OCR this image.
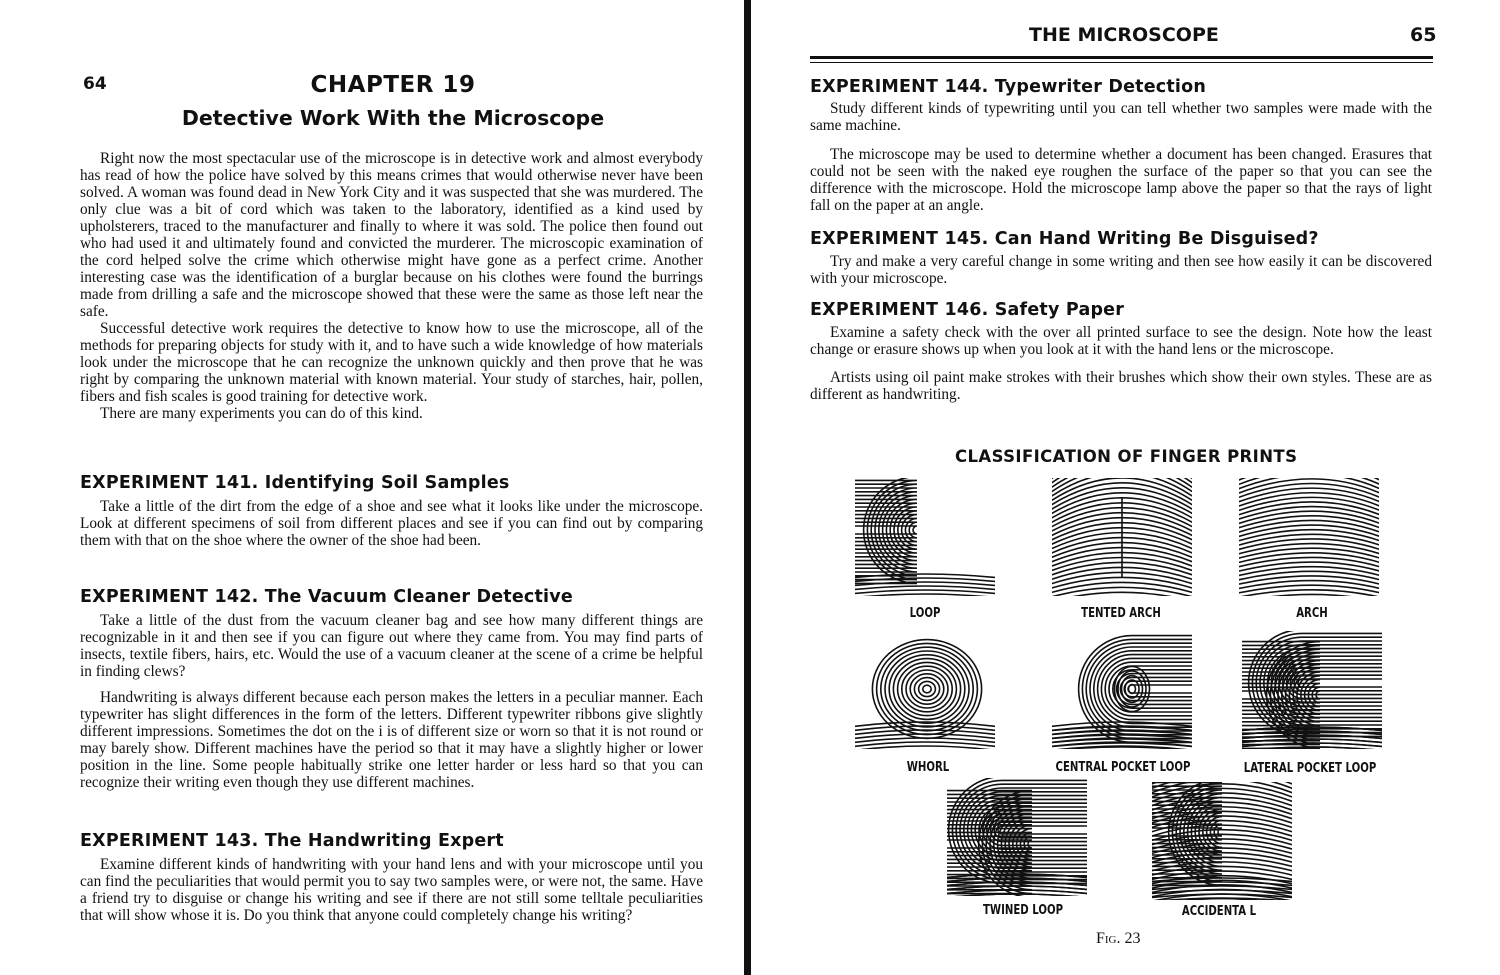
64	CHAPTER 19
Detective Work With the Microscope

Right now the most spectacular use of the microscope is in detective work and almost everybody has read of how the police have solved by this means crimes that would otherwise never have been solved. A woman was found dead in New York City and it was suspected that she was murdered. The only clue was a bit of cord which was taken to the laboratory, identified as a kind used by upholsterers, traced to the manufacturer and finally to where it was sold. The police then found out who had used it and ultimately found and convicted the murderer. The microscopic examination of the cord helped solve the crime which otherwise might have gone as a perfect crime. Another interesting case was the identification of a burglar because on his clothes were found the burrings made from drilling a safe and the microscope showed that these were the same as those left near the safe.

Successful detective work requires the detective to know how to use the microscope, all of the methods for preparing objects for study with it, and to have such a wide knowledge of how materials look under the microscope that he can recognize the unknown quickly and then prove that he was right by comparing the unknown material with known material. Your study of starches, hair, pollen, fibers and fish scales is good training for detective work.

There are many experiments you can do of this kind.

EXPERIMENT 141. Identifying Soil Samples

Take a little of the dirt from the edge of a shoe and see what it looks like under the microscope. Look at different specimens of soil from different places and see if you can find out by comparing them with that on the shoe where the owner of the shoe had been.

EXPERIMENT 142. The Vacuum Cleaner Detective

Take a little of the dust from the vacuum cleaner bag and see how many different things are recognizable in it and then see if you can figure out where they came from. You may find parts of insects, textile fibers, hairs, etc. Would the use of a vacuum cleaner at the scene of a crime be helpful in finding clews?

Handwriting is always different because each person makes the letters in a peculiar manner. Each typewriter has slight differences in the form of the letters. Different typewriter ribbons give slightly different impressions. Sometimes the dot on the i is of different size or worn so that it is not round or may barely show. Different machines have the period so that it may have a slightly higher or lower position in the line. Some people habitually strike one letter harder or less hard so that you can recognize their writing even though they use different machines.

EXPERIMENT 143. The Handwriting Expert

Examine different kinds of handwriting with your hand lens and with your microscope until you can find the peculiarities that would permit you to say two samples were, or were not, the same. Have a friend try to disguise or change his writing and see if there are not still some telltale peculiarities that will show whose it is. Do you think that anyone could completely change his writing?

THE MICROSCOPE	65
EXPERIMENT 144. Typewriter Detection

Study different kinds of typewriting until you can tell whether two samples were made with the same machine.

The microscope may be used to determine whether a document has been changed. Erasures that could not be seen with the naked eye roughen the surface of the paper so that you can see the difference with the microscope. Hold the microscope lamp above the paper so that the rays of light fall on the paper at an angle.

EXPERIMENT 145. Can Hand Writing Be Disguised?

Try and make a very careful change in some writing and then see how easily it can be discovered with your microscope.

EXPERIMENT 146. Safety Paper

Examine a safety check with the over all printed surface to see the design. Note how the least change or erasure shows up when you look at it with the hand lens or the microscope.

Artists using oil paint make strokes with their brushes which show their own styles. These are as different as handwriting.

CLASSIFICATION OF FINGER PRINTS
LOOP	TENTED ARCH	ARCH
WHORL	CENTRAL POCKET LOOP	LATERAL POCKET LOOP
TWINED LOOP	ACCIDENTA L
Fig. 23
